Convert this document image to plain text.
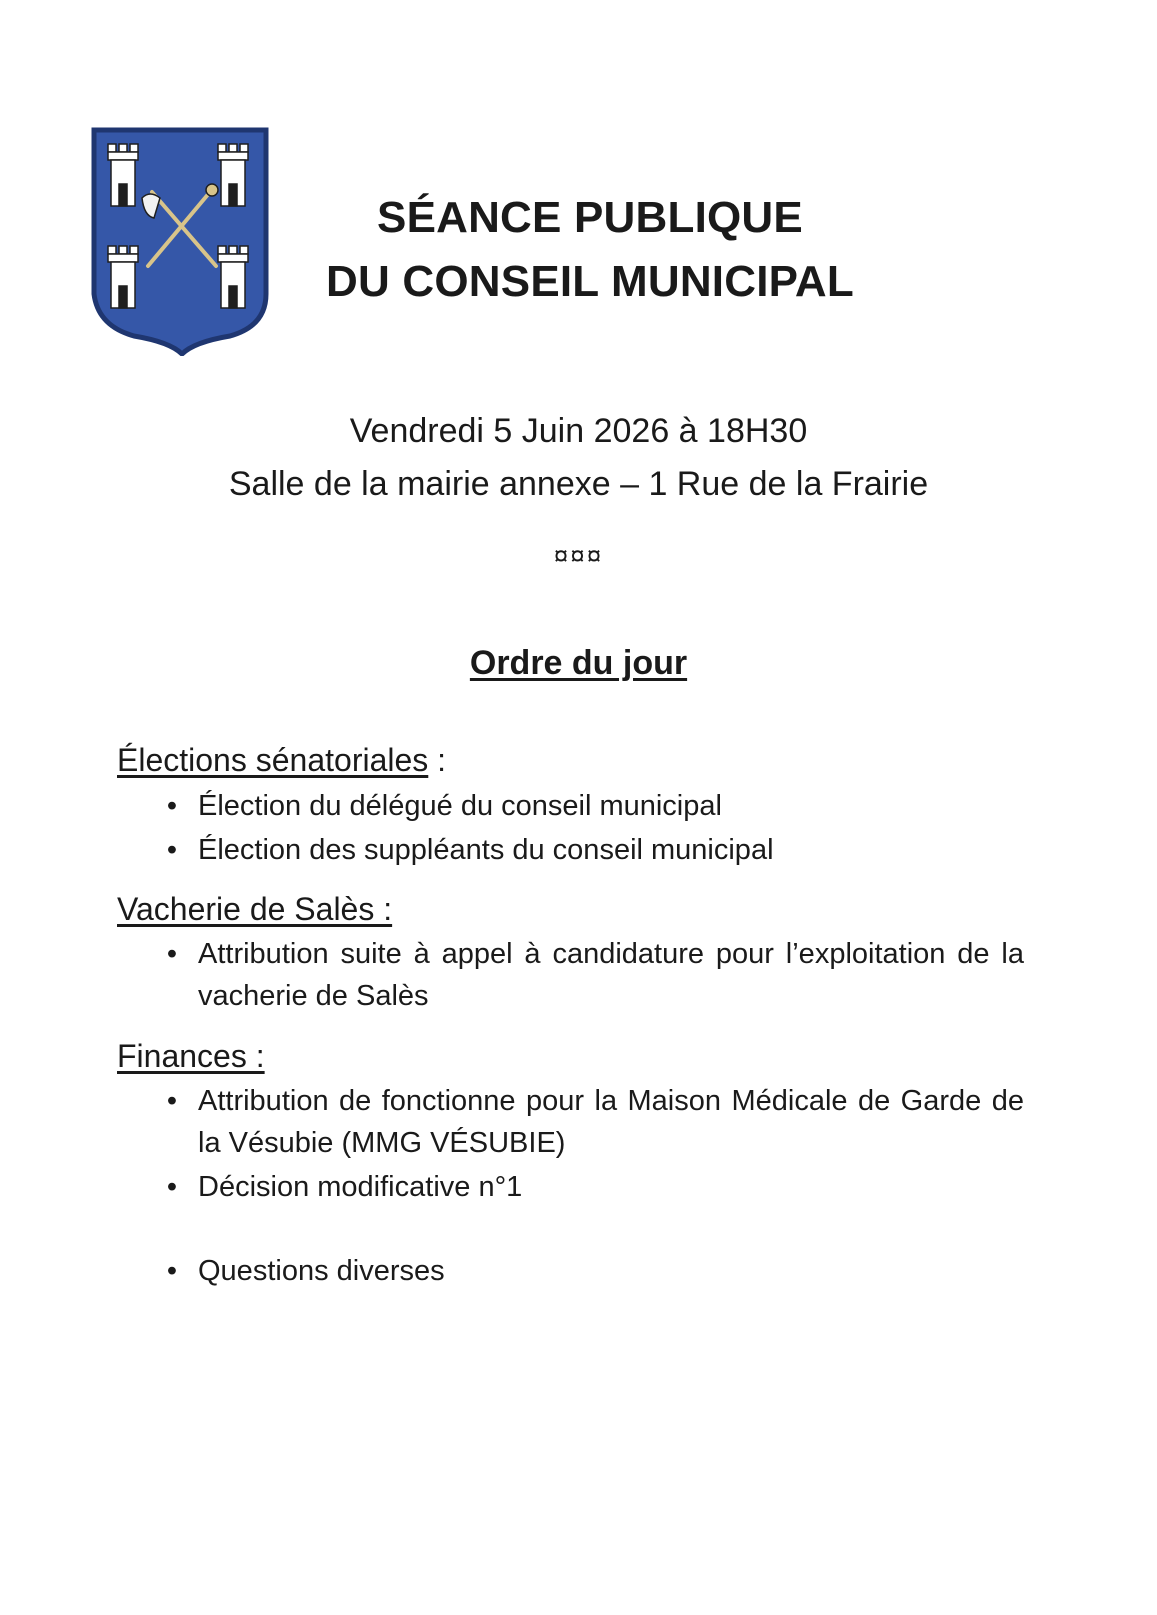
SÉANCE PUBLIQUE
DU CONSEIL MUNICIPAL
Vendredi 5 Juin 2026 à 18H30
Salle de la mairie annexe – 1 Rue de la Frairie
¤¤¤
Ordre du jour
Élections sénatoriales :
• Élection du délégué du conseil municipal
• Élection des suppléants du conseil municipal
Vacherie de Salès :
• Attribution suite à appel à candidature pour l’exploitation de la vacherie de Salès
Finances :
• Attribution de fonctionne pour la Maison Médicale de Garde de la Vésubie (MMG VÉSUBIE)
• Décision modificative n°1
• Questions diverses
